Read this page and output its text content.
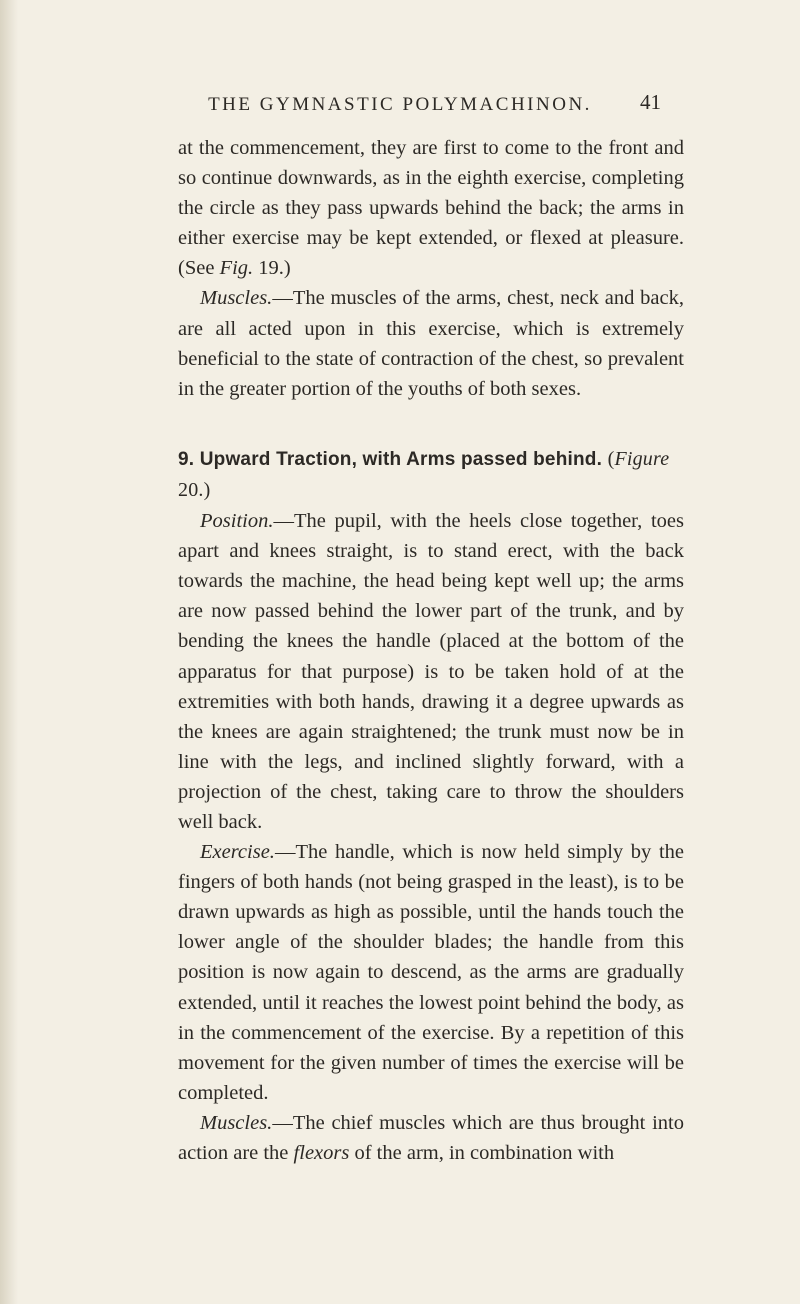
THE GYMNASTIC POLYMACHINON.	41

at the commencement, they are first to come to the front and so continue downwards, as in the eighth exercise, completing the circle as they pass upwards behind the back; the arms in either exercise may be kept extended, or flexed at pleasure. (See Fig. 19.)

Muscles.—The muscles of the arms, chest, neck and back, are all acted upon in this exercise, which is extremely beneficial to the state of contraction of the chest, so prevalent in the greater portion of the youths of both sexes.

9. Upward Traction, with Arms passed behind. (Figure 20.)

Position.—The pupil, with the heels close together, toes apart and knees straight, is to stand erect, with the back towards the machine, the head being kept well up; the arms are now passed behind the lower part of the trunk, and by bending the knees the handle (placed at the bottom of the apparatus for that purpose) is to be taken hold of at the extremities with both hands, drawing it a degree upwards as the knees are again straightened; the trunk must now be in line with the legs, and inclined slightly forward, with a projection of the chest, taking care to throw the shoulders well back.

Exercise.—The handle, which is now held simply by the fingers of both hands (not being grasped in the least), is to be drawn upwards as high as possible, until the hands touch the lower angle of the shoulder blades; the handle from this position is now again to descend, as the arms are gradually extended, until it reaches the lowest point behind the body, as in the commencement of the exercise. By a repetition of this movement for the given number of times the exercise will be completed.

Muscles.—The chief muscles which are thus brought into action are the flexors of the arm, in combination with
